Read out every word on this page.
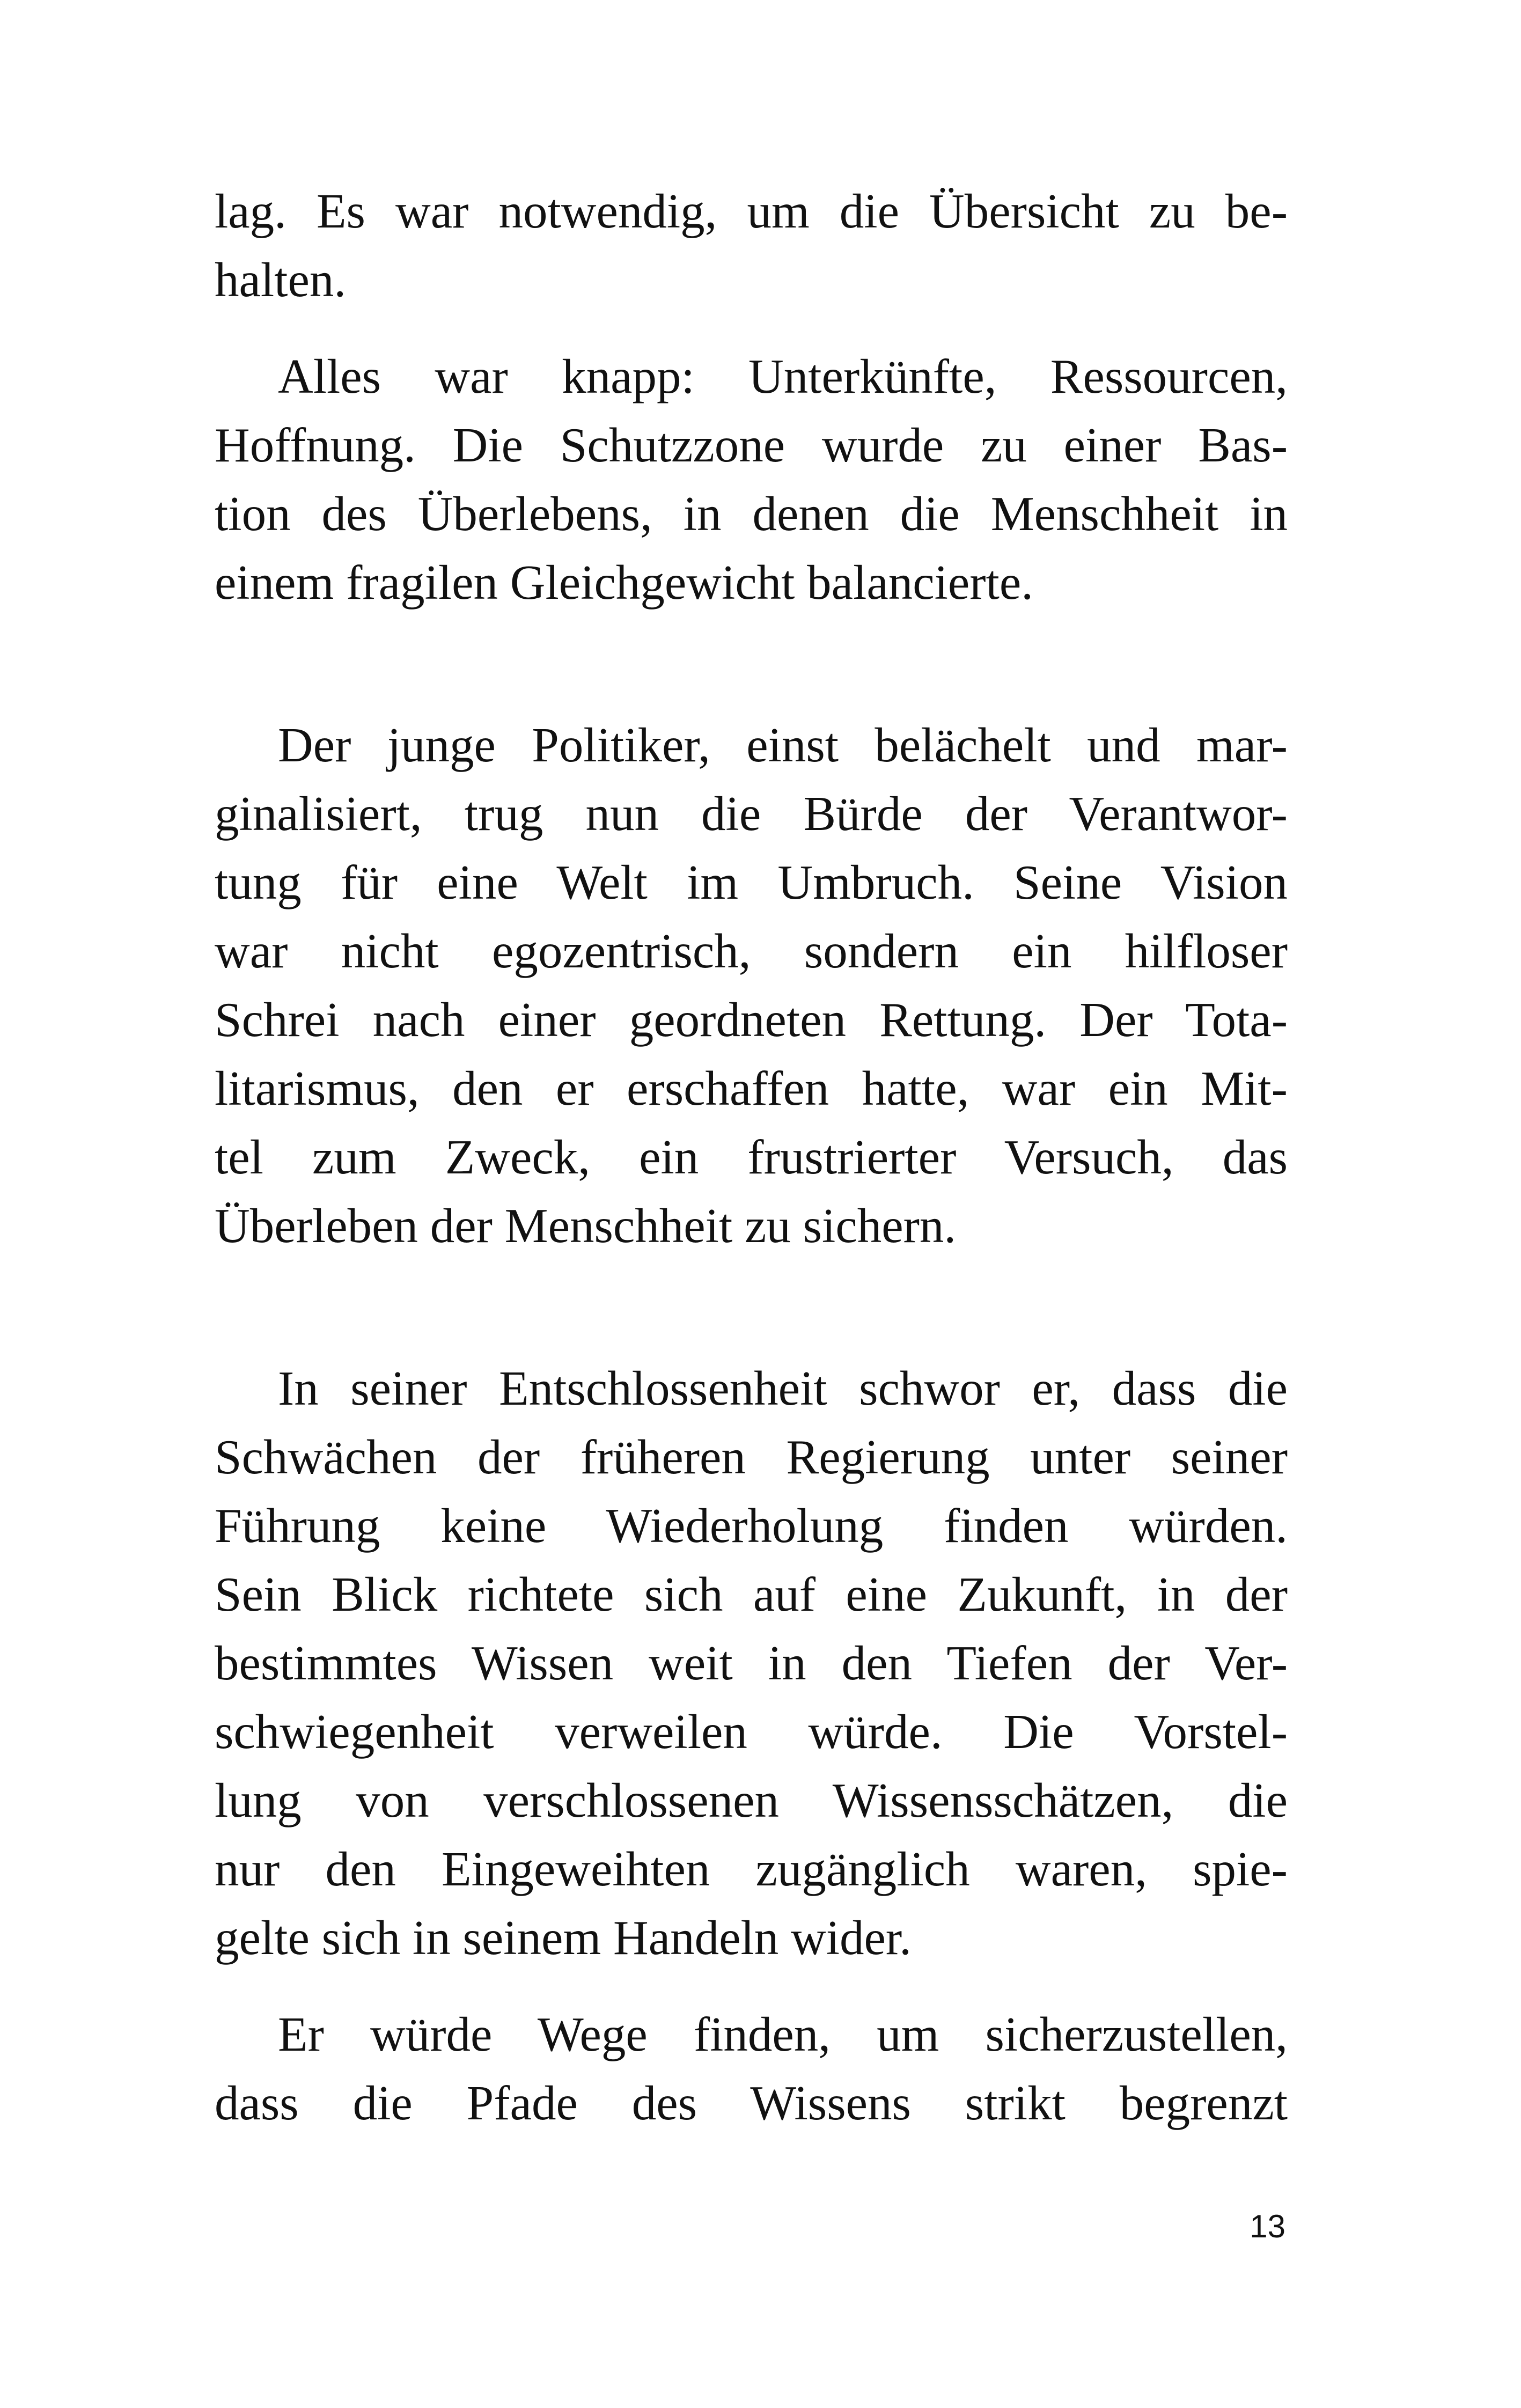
lag. Es war notwendig, um die Übersicht zu be-
halten.
Alles war knapp: Unterkünfte, Ressourcen,
Hoffnung. Die Schutzzone wurde zu einer Bas-
tion des Überlebens, in denen die Menschheit in
einem fragilen Gleichgewicht balancierte.
Der junge Politiker, einst belächelt und mar-
ginalisiert, trug nun die Bürde der Verantwor-
tung für eine Welt im Umbruch. Seine Vision
war nicht egozentrisch, sondern ein hilfloser
Schrei nach einer geordneten Rettung. Der Tota-
litarismus, den er erschaffen hatte, war ein Mit-
tel zum Zweck, ein frustrierter Versuch, das
Überleben der Menschheit zu sichern.
In seiner Entschlossenheit schwor er, dass die
Schwächen der früheren Regierung unter seiner
Führung keine Wiederholung finden würden.
Sein Blick richtete sich auf eine Zukunft, in der
bestimmtes Wissen weit in den Tiefen der Ver-
schwiegenheit verweilen würde. Die Vorstel-
lung von verschlossenen Wissensschätzen, die
nur den Eingeweihten zugänglich waren, spie-
gelte sich in seinem Handeln wider.
Er würde Wege finden, um sicherzustellen,
dass die Pfade des Wissens strikt begrenzt
13
